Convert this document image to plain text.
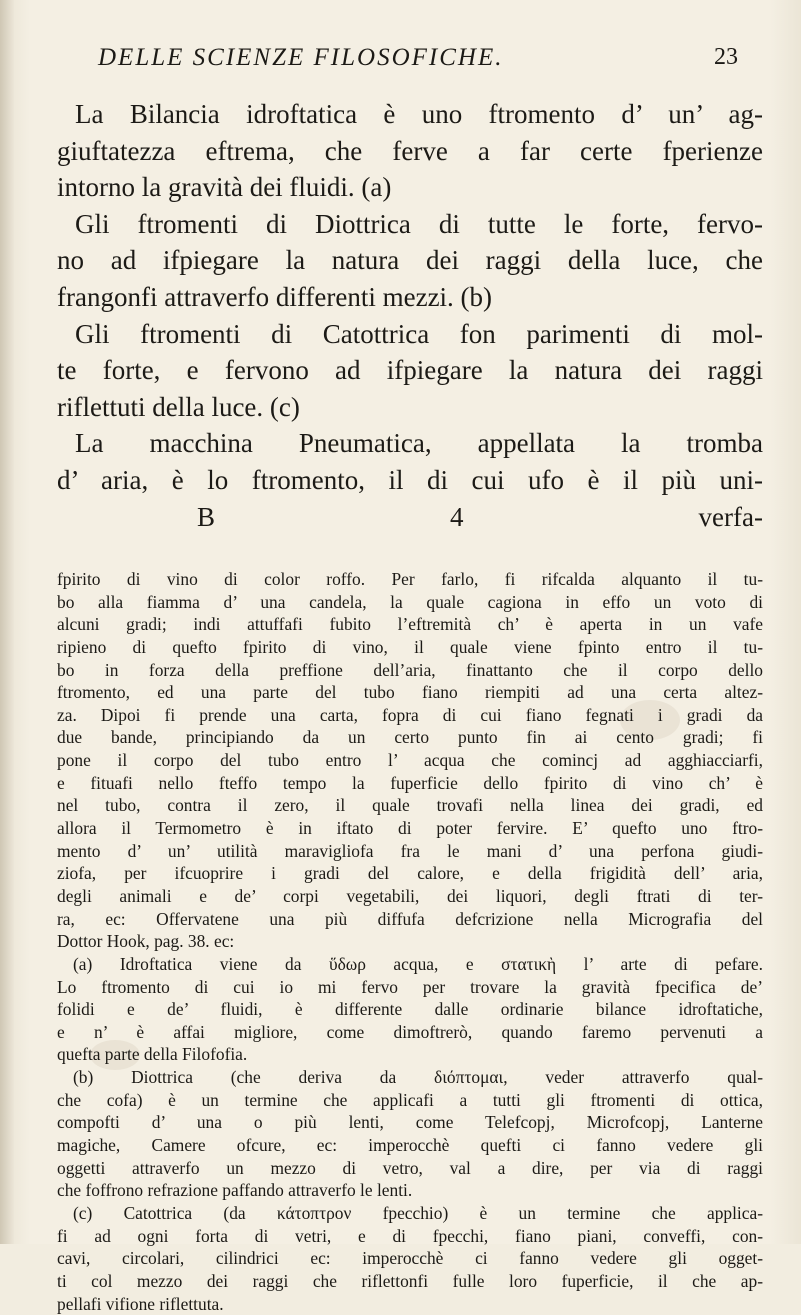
DELLE SCIENZE FILOSOFICHE.	23
La Bilancia idroftatica è uno ftromento d’ un’ ag-
giuftatezza eftrema, che ferve a far certe fperienze
intorno la gravità dei fluidi. (a)
Gli ftromenti di Diottrica di tutte le forte, fervo-
no ad ifpiegare la natura dei raggi della luce, che
frangonfi attraverfo differenti mezzi. (b)
Gli ftromenti di Catottrica fon parimenti di mol-
te forte, e fervono ad ifpiegare la natura dei raggi
riflettuti della luce. (c)
La macchina Pneumatica, appellata la tromba
d’ aria, è lo ftromento, il di cui ufo è il più uni-
B 4 verfa-
fpirito di vino di color roffo. Per farlo, fi rifcalda alquanto il tu-
bo alla fiamma d’ una candela, la quale cagiona in effo un voto di
alcuni gradi; indi attuffafi fubito l’eftremità ch’ è aperta in un vafe
ripieno di quefto fpirito di vino, il quale viene fpinto entro il tu-
bo in forza della preffione dell’aria, finattanto che il corpo dello
ftromento, ed una parte del tubo fiano riempiti ad una certa altez-
za. Dipoi fi prende una carta, fopra di cui fiano fegnati i gradi da
due bande, principiando da un certo punto fin ai cento gradi; fi
pone il corpo del tubo entro l’ acqua che comincj ad agghiacciarfi,
e fituafi nello fteffo tempo la fuperficie dello fpirito di vino ch’ è
nel tubo, contra il zero, il quale trovafi nella linea dei gradi, ed
allora il Termometro è in iftato di poter fervire. E’ quefto uno ftro-
mento d’ un’ utilità maravigliofa fra le mani d’ una perfona giudi-
ziofa, per ifcuoprire i gradi del calore, e della frigidità dell’ aria,
degli animali e de’ corpi vegetabili, dei liquori, degli ftrati di ter-
ra, ec: Offervatene una più diffufa defcrizione nella Micrografia del
Dottor Hook, pag. 38. ec:
(a) Idroftatica viene da ὕδωρ acqua, e στατικὴ l’ arte di pefare.
Lo ftromento di cui io mi fervo per trovare la gravità fpecifica de’
folidi e de’ fluidi, è differente dalle ordinarie bilance idroftatiche,
e n’ è affai migliore, come dimoftrerò, quando faremo pervenuti a
quefta parte della Filofofia.
(b) Diottrica (che deriva da διόπτομαι, veder attraverfo qual-
che cofa) è un termine che applicafi a tutti gli ftromenti di ottica,
compofti d’ una o più lenti, come Telefcopj, Microfcopj, Lanterne
magiche, Camere ofcure, ec: imperocchè quefti ci fanno vedere gli
oggetti attraverfo un mezzo di vetro, val a dire, per via di raggi
che foffrono refrazione paffando attraverfo le lenti.
(c) Catottrica (da κάτοπτρον fpecchio) è un termine che applica-
fi ad ogni forta di vetri, e di fpecchi, fiano piani, conveffi, con-
cavi, circolari, cilindrici ec: imperocchè ci fanno vedere gli ogget-
ti col mezzo dei raggi che riflettonfi fulle loro fuperficie, il che ap-
pellafi vifione riflettuta.
